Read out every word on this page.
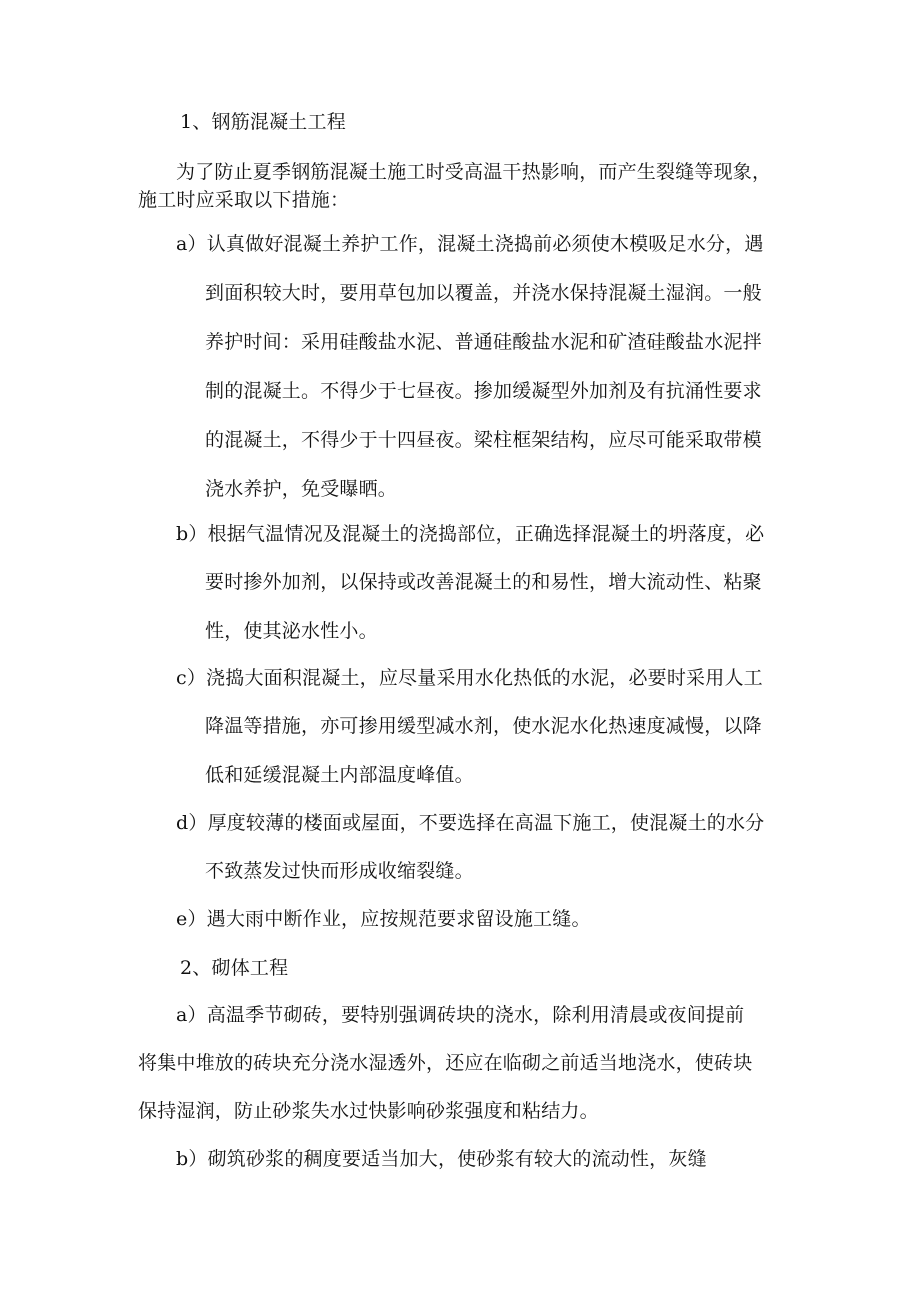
1、钢筋混凝土工程
为了防止夏季钢筋混凝土施工时受高温干热影响，而产生裂缝等现象，
施工时应采取以下措施：
a）认真做好混凝土养护工作，混凝土浇捣前必须使木模吸足水分，遇
到面积较大时，要用草包加以覆盖，并浇水保持混凝土湿润。一般
养护时间：采用硅酸盐水泥、普通硅酸盐水泥和矿渣硅酸盐水泥拌
制的混凝土。不得少于七昼夜。掺加缓凝型外加剂及有抗涌性要求
的混凝土，不得少于十四昼夜。梁柱框架结构，应尽可能采取带模
浇水养护，免受曝晒。
b）根据气温情况及混凝土的浇捣部位，正确选择混凝土的坍落度，必
要时掺外加剂，以保持或改善混凝土的和易性，增大流动性、粘聚
性，使其泌水性小。
c）浇捣大面积混凝土，应尽量采用水化热低的水泥，必要时采用人工
降温等措施，亦可掺用缓型减水剂，使水泥水化热速度减慢，以降
低和延缓混凝土内部温度峰值。
d）厚度较薄的楼面或屋面，不要选择在高温下施工，使混凝土的水分
不致蒸发过快而形成收缩裂缝。
e）遇大雨中断作业，应按规范要求留设施工缝。
2、砌体工程
a）高温季节砌砖，要特别强调砖块的浇水，除利用清晨或夜间提前
将集中堆放的砖块充分浇水湿透外，还应在临砌之前适当地浇水，使砖块
保持湿润，防止砂浆失水过快影响砂浆强度和粘结力。
b）砌筑砂浆的稠度要适当加大，使砂浆有较大的流动性，灰缝
